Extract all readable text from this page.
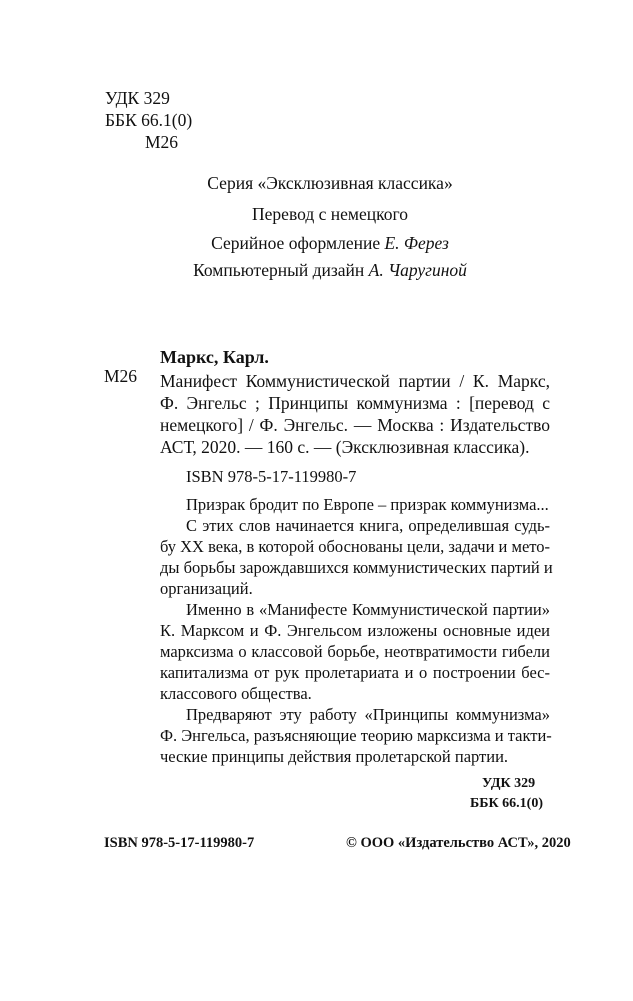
УДК 329
ББК 66.1(0)
М26
Серия «Эксклюзивная классика»
Перевод с немецкого
Серийное оформление Е. Ферез
Компьютерный дизайн А. Чаругиной
Маркс, Карл.
М26 Манифест Коммунистической партии / К. Маркс,
Ф. Энгельс ; Принципы коммунизма : [перевод с
немецкого] / Ф. Энгельс. — Москва : Издательство
АСТ, 2020. — 160 с. — (Эксклюзивная классика).
ISBN 978-5-17-119980-7
Призрак бродит по Европе – призрак коммунизма...
С этих слов начинается книга, определившая судь-
бу XX века, в которой обоснованы цели, задачи и мето-
ды борьбы зарождавшихся коммунистических партий и
организаций.
Именно в «Манифесте Коммунистической партии»
К. Марксом и Ф. Энгельсом изложены основные идеи
марксизма о классовой борьбе, неотвратимости гибели
капитализма от рук пролетариата и о построении бес-
классового общества.
Предваряют эту работу «Принципы коммунизма»
Ф. Энгельса, разъясняющие теорию марксизма и такти-
ческие принципы действия пролетарской партии.
УДК 329
ББК 66.1(0)
ISBN 978-5-17-119980-7	© ООО «Издательство АСТ», 2020
